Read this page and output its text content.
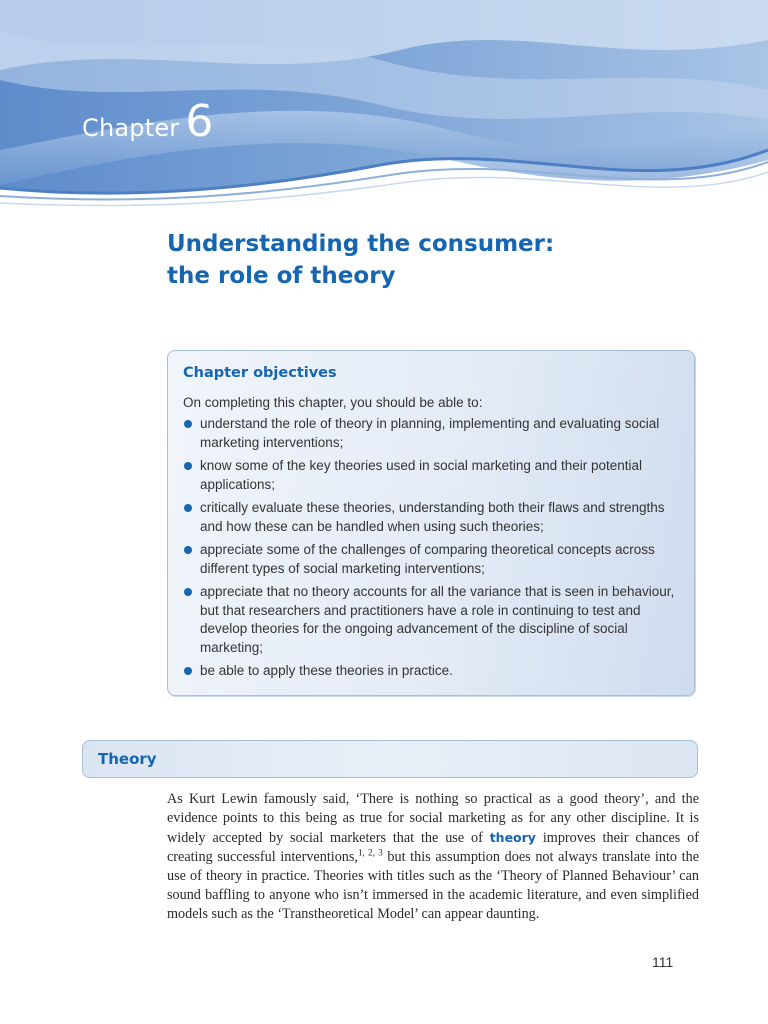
Chapter 6
Understanding the consumer:
the role of theory
Chapter objectives
On completing this chapter, you should be able to:
understand the role of theory in planning, implementing and evaluating social marketing interventions;
know some of the key theories used in social marketing and their potential applications;
critically evaluate these theories, understanding both their flaws and strengths and how these can be handled when using such theories;
appreciate some of the challenges of comparing theoretical concepts across different types of social marketing interventions;
appreciate that no theory accounts for all the variance that is seen in behaviour, but that researchers and practitioners have a role in continuing to test and develop theories for the ongoing advancement of the discipline of social marketing;
be able to apply these theories in practice.
Theory

As Kurt Lewin famously said, ‘There is nothing so practical as a good theory’, and the evidence points to this being as true for social marketing as for any other discipline. It is widely accepted by social marketers that the use of theory improves their chances of creating successful interventions,$^{1, 2, 3}$ but this assumption does not always translate into the use of theory in practice. Theories with titles such as the ‘Theory of Planned Behaviour’ can sound baffling to anyone who isn’t immersed in the academic literature, and even simplified models such as the ‘Transtheoretical Model’ can appear daunting.

111
